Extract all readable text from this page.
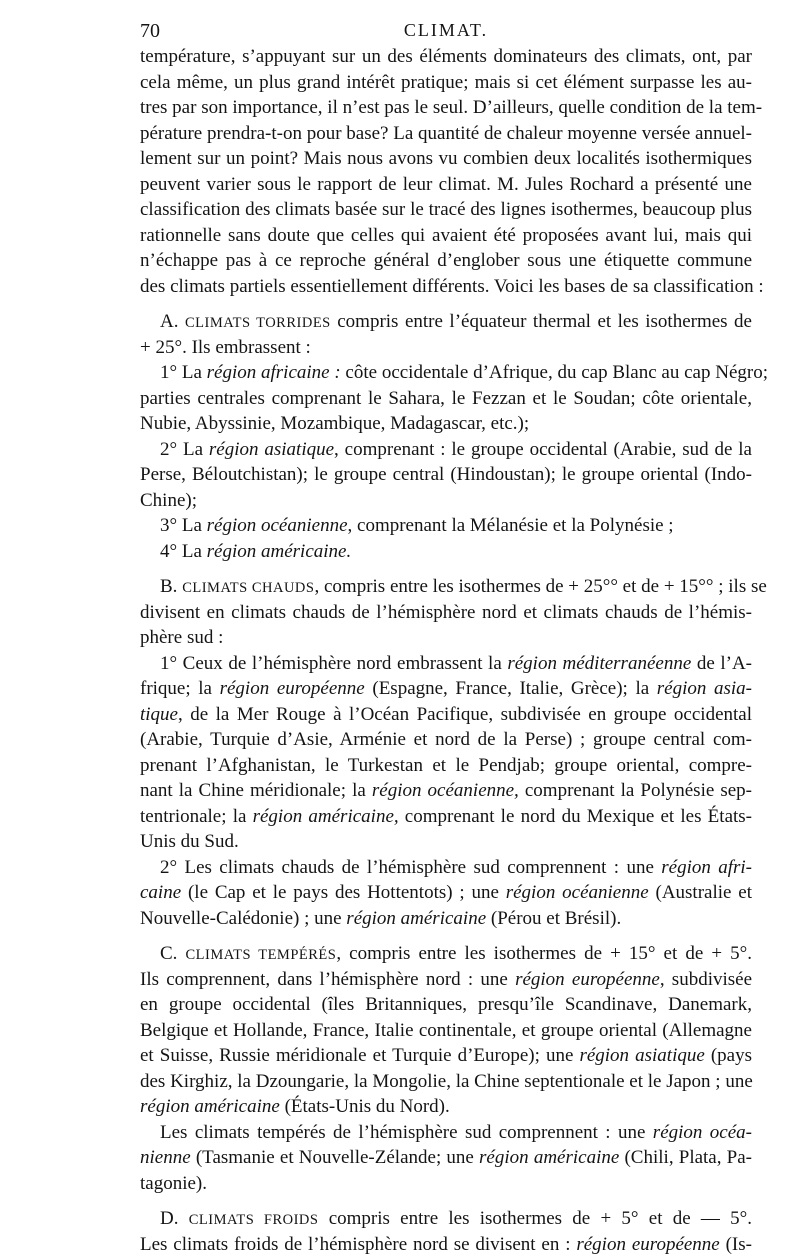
70	CLIMAT.
température, s’appuyant sur un des éléments dominateurs des climats, ont, par
cela même, un plus grand intérêt pratique; mais si cet élément surpasse les au-
tres par son importance, il n’est pas le seul. D’ailleurs, quelle condition de la tem-
pérature prendra-t-on pour base? La quantité de chaleur moyenne versée annuel-
lement sur un point? Mais nous avons vu combien deux localités isothermiques
peuvent varier sous le rapport de leur climat. M. Jules Rochard a présenté une
classification des climats basée sur le tracé des lignes isothermes, beaucoup plus
rationnelle sans doute que celles qui avaient été proposées avant lui, mais qui
n’échappe pas à ce reproche général d’englober sous une étiquette commune
des climats partiels essentiellement différents. Voici les bases de sa classification :
A. CLIMATS TORRIDES compris entre l’équateur thermal et les isothermes de
+ 25°. Ils embrassent :
1° La région africaine : côte occidentale d’Afrique, du cap Blanc au cap Négro;
parties centrales comprenant le Sahara, le Fezzan et le Soudan; côte orientale,
Nubie, Abyssinie, Mozambique, Madagascar, etc.);
2° La région asiatique, comprenant : le groupe occidental (Arabie, sud de la
Perse, Béloutchistan); le groupe central (Hindoustan); le groupe oriental (Indo-
Chine);
3° La région océanienne, comprenant la Mélanésie et la Polynésie ;
4° La région américaine.
B. CLIMATS CHAUDS, compris entre les isothermes de + 25°° et de + 15°° ; ils se
divisent en climats chauds de l’hémisphère nord et climats chauds de l’hémis-
phère sud :
1° Ceux de l’hémisphère nord embrassent la région méditerranéenne de l’A-
frique; la région européenne (Espagne, France, Italie, Grèce); la région asia-
tique, de la Mer Rouge à l’Océan Pacifique, subdivisée en groupe occidental
(Arabie, Turquie d’Asie, Arménie et nord de la Perse) ; groupe central com-
prenant l’Afghanistan, le Turkestan et le Pendjab; groupe oriental, compre-
nant la Chine méridionale; la région océanienne, comprenant la Polynésie sep-
tentrionale; la région américaine, comprenant le nord du Mexique et les États-
Unis du Sud.
2° Les climats chauds de l’hémisphère sud comprennent : une région afri-
caine (le Cap et le pays des Hottentots) ; une région océanienne (Australie et
Nouvelle-Calédonie) ; une région américaine (Pérou et Brésil).
C. CLIMATS TEMPÉRÉS, compris entre les isothermes de + 15° et de + 5°.
Ils comprennent, dans l’hémisphère nord : une région européenne, subdivisée
en groupe occidental (îles Britanniques, presqu’île Scandinave, Danemark,
Belgique et Hollande, France, Italie continentale, et groupe oriental (Allemagne
et Suisse, Russie méridionale et Turquie d’Europe); une région asiatique (pays
des Kirghiz, la Dzoungarie, la Mongolie, la Chine septentionale et le Japon ; une
région américaine (États-Unis du Nord).
Les climats tempérés de l’hémisphère sud comprennent : une région océa-
nienne (Tasmanie et Nouvelle-Zélande; une région américaine (Chili, Plata, Pa-
tagonie).
D. CLIMATS FROIDS compris entre les isothermes de + 5° et de — 5°.
Les climats froids de l’hémisphère nord se divisent en : région européenne (Is-
